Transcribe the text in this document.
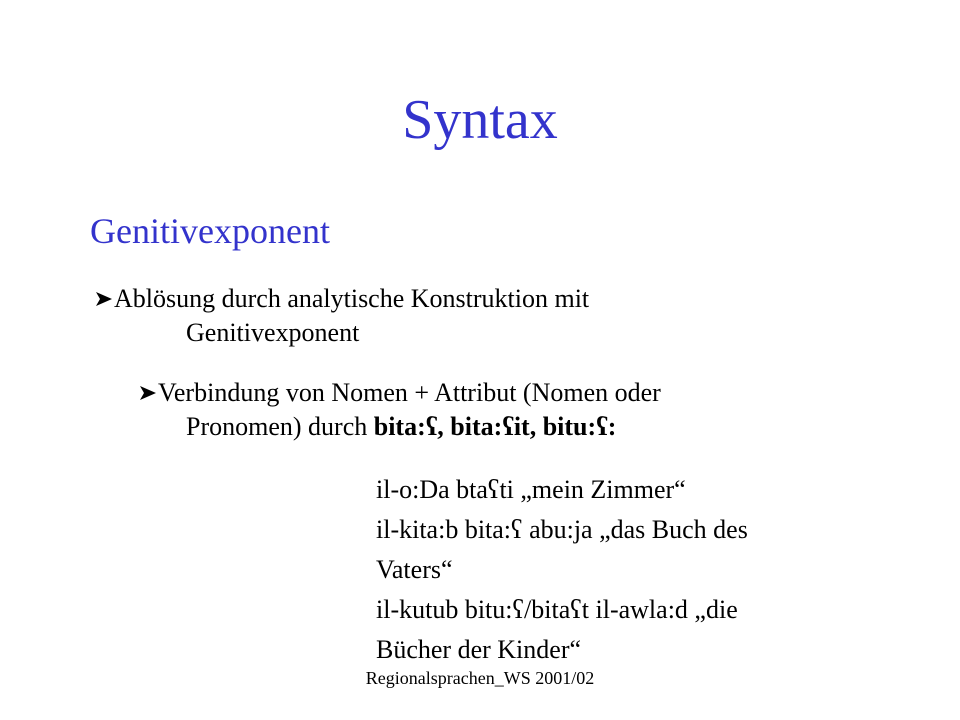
Syntax
Genitivexponent
Ablösung durch analytische Konstruktion mit
Genitivexponent
Verbindung von Nomen + Attribut (Nomen oder
Pronomen) durch bita:ʕ, bita:ʕit, bitu:ʕ:
il-o:Da btaʕti „mein Zimmer“
il-kita:b bita:ʕ abu:ja „das Buch des
Vaters“
il-kutub bitu:ʕ/bitaʕt il-awla:d „die
Bücher der Kinder“
Regionalsprachen_WS 2001/02
